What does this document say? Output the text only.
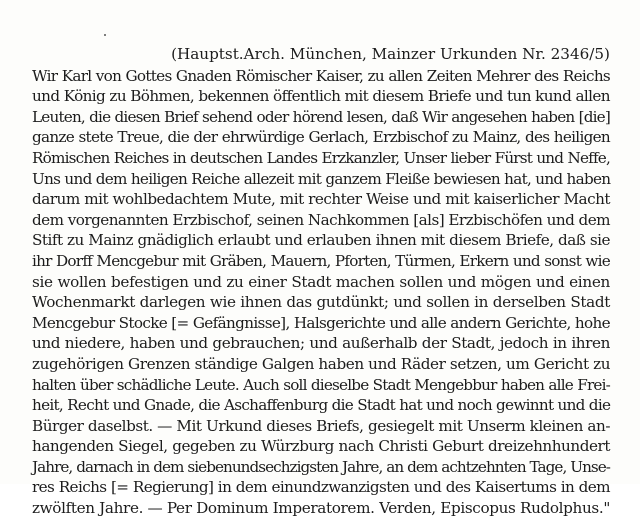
(Hauptst.Arch. München, Mainzer Urkunden Nr. 2346/5)
Wir Karl von Gottes Gnaden Römischer Kaiser, zu allen Zeiten Mehrer des Reichs
und König zu Böhmen, bekennen öffentlich mit diesem Briefe und tun kund allen
Leuten, die diesen Brief sehend oder hörend lesen, daß Wir angesehen haben [die]
ganze stete Treue, die der ehrwürdige Gerlach, Erzbischof zu Mainz, des heiligen
Römischen Reiches in deutschen Landes Erzkanzler, Unser lieber Fürst und Neffe,
Uns und dem heiligen Reiche allezeit mit ganzem Fleiße bewiesen hat, und haben
darum mit wohlbedachtem Mute, mit rechter Weise und mit kaiserlicher Macht
dem vorgenannten Erzbischof, seinen Nachkommen [als] Erzbischöfen und dem
Stift zu Mainz gnädiglich erlaubt und erlauben ihnen mit diesem Briefe, daß sie
ihr Dorff Mencgebur mit Gräben, Mauern, Pforten, Türmen, Erkern und sonst wie
sie wollen befestigen und zu einer Stadt machen sollen und mögen und einen
Wochenmarkt darlegen wie ihnen das gutdünkt; und sollen in derselben Stadt
Mencgebur Stocke [= Gefängnisse], Halsgerichte und alle andern Gerichte, hohe
und niedere, haben und gebrauchen; und außerhalb der Stadt, jedoch in ihren
zugehörigen Grenzen ständige Galgen haben und Räder setzen, um Gericht zu
halten über schädliche Leute. Auch soll dieselbe Stadt Mengebbur haben alle Frei-
heit, Recht und Gnade, die Aschaffenburg die Stadt hat und noch gewinnt und die
Bürger daselbst. — Mit Urkund dieses Briefs, gesiegelt mit Unserm kleinen an-
hangenden Siegel, gegeben zu Würzburg nach Christi Geburt dreizehnhundert
Jahre, darnach in dem siebenundsechzigsten Jahre, an dem achtzehnten Tage, Unse-
res Reichs [= Regierung] in dem einundzwanzigsten und des Kaisertums in dem
zwölften Jahre. — Per Dominum Imperatorem. Verden, Episcopus Rudolphus."
